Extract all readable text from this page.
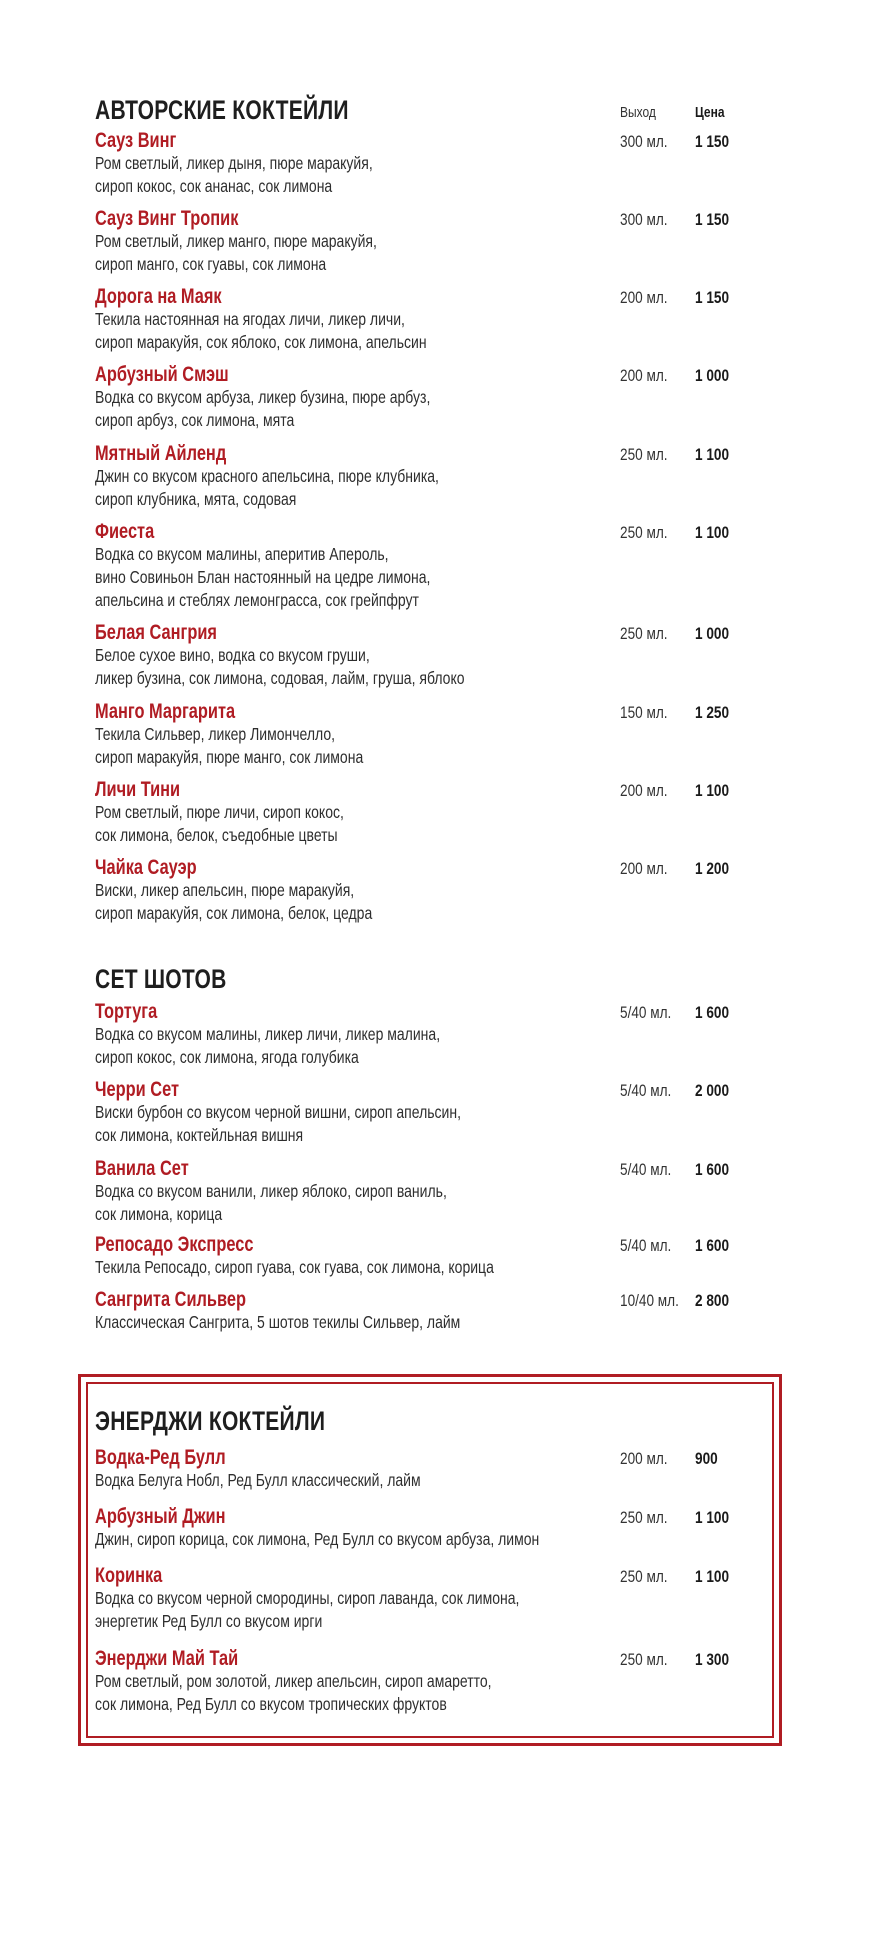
АВТОРСКИЕ КОКТЕЙЛИ	Выход	Цена
Сауз Винг
Ром светлый, ликер дыня, пюре маракуйя,
сироп кокос, сок ананас, сок лимона
300 мл. 1 150
Сауз Винг Тропик
Ром светлый, ликер манго, пюре маракуйя,
сироп манго, сок гуавы, сок лимона
300 мл. 1 150
Дорога на Маяк
Текила настоянная на ягодах личи, ликер личи,
сироп маракуйя, сок яблоко, сок лимона, апельсин
200 мл. 1 150
Арбузный Смэш
Водка со вкусом арбуза, ликер бузина, пюре арбуз,
сироп арбуз, сок лимона, мята
200 мл. 1 000
Мятный Айленд
Джин со вкусом красного апельсина, пюре клубника,
сироп клубника, мята, содовая
250 мл. 1 100
Фиеста
Водка со вкусом малины, аперитив Апероль,
вино Совиньон Блан настоянный на цедре лимона,
апельсина и стеблях лемонграсса, сок грейпфрут
250 мл. 1 100
Белая Сангрия
Белое сухое вино, водка со вкусом груши,
ликер бузина, сок лимона, содовая, лайм, груша, яблоко
250 мл. 1 000
Манго Маргарита
Текила Сильвер, ликер Лимончелло,
сироп маракуйя, пюре манго, сок лимона
150 мл. 1 250
Личи Тини
Ром светлый, пюре личи, сироп кокос,
сок лимона, белок, съедобные цветы
200 мл. 1 100
Чайка Сауэр
Виски, ликер апельсин, пюре маракуйя,
сироп маракуйя, сок лимона, белок, цедра
200 мл. 1 200
СЕТ ШОТОВ
Тортуга
Водка со вкусом малины, ликер личи, ликер малина,
сироп кокос, сок лимона, ягода голубика
5/40 мл. 1 600
Черри Сет
Виски бурбон со вкусом черной вишни, сироп апельсин,
сок лимона, коктейльная вишня
5/40 мл. 2 000
Ванила Сет
Водка со вкусом ванили, ликер яблоко, сироп ваниль,
сок лимона, корица
5/40 мл. 1 600
Репосадо Экспресс
Текила Репосадо, сироп гуава, сок гуава, сок лимона, корица
5/40 мл. 1 600
Сангрита Сильвер
Классическая Сангрита, 5 шотов текилы Сильвер, лайм
10/40 мл. 2 800
ЭНЕРДЖИ КОКТЕЙЛИ
Водка-Ред Булл
Водка Белуга Нобл, Ред Булл классический, лайм
200 мл. 900
Арбузный Джин
Джин, сироп корица, сок лимона, Ред Булл со вкусом арбуза, лимон
250 мл. 1 100
Коринка
Водка со вкусом черной смородины, сироп лаванда, сок лимона,
энергетик Ред Булл со вкусом ирги
250 мл. 1 100
Энерджи Май Тай
Ром светлый, ром золотой, ликер апельсин, сироп амаретто,
сок лимона, Ред Булл со вкусом тропических фруктов
250 мл. 1 300
